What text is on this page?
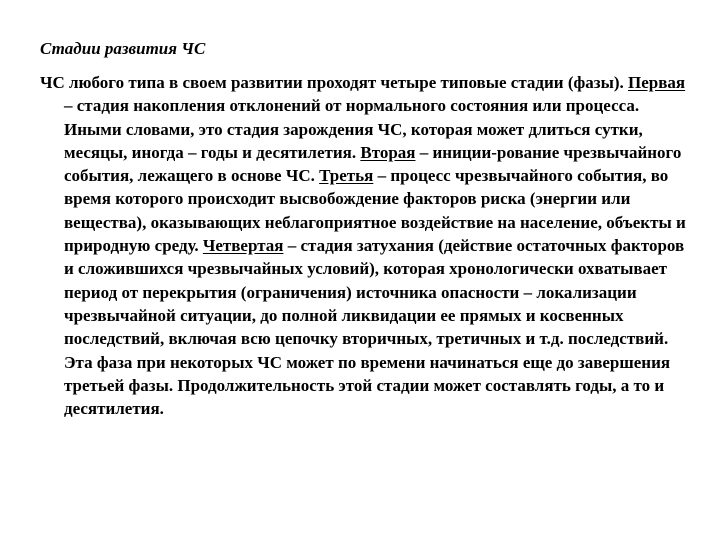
Стадии развития ЧС

ЧС любого типа в своем развитии проходят четыре типовые стадии (фазы). Первая – стадия накопления отклонений от нормального состояния или процесса. Иными словами, это стадия зарождения ЧС, которая может длиться сутки, месяцы, иногда – годы и десятилетия. Вторая – иниции-рование чрезвычайного события, лежащего в основе ЧС. Третья – процесс чрезвычайного события, во время которого происходит высвобождение факторов риска (энергии или вещества), оказывающих неблагоприятное воздействие на население, объекты и природную среду. Четвертая – стадия затухания (действие остаточных факторов и сложившихся чрезвычайных условий), которая хронологически охватывает период от перекрытия (ограничения) источника опасности – локализации чрезвычайной ситуации, до полной ликвидации ее прямых и косвенных последствий, включая всю цепочку вторичных, третичных и т.д. последствий. Эта фаза при некоторых ЧС может по времени начинаться еще до завершения третьей фазы. Продолжительность этой стадии может составлять годы, а то и десятилетия.
